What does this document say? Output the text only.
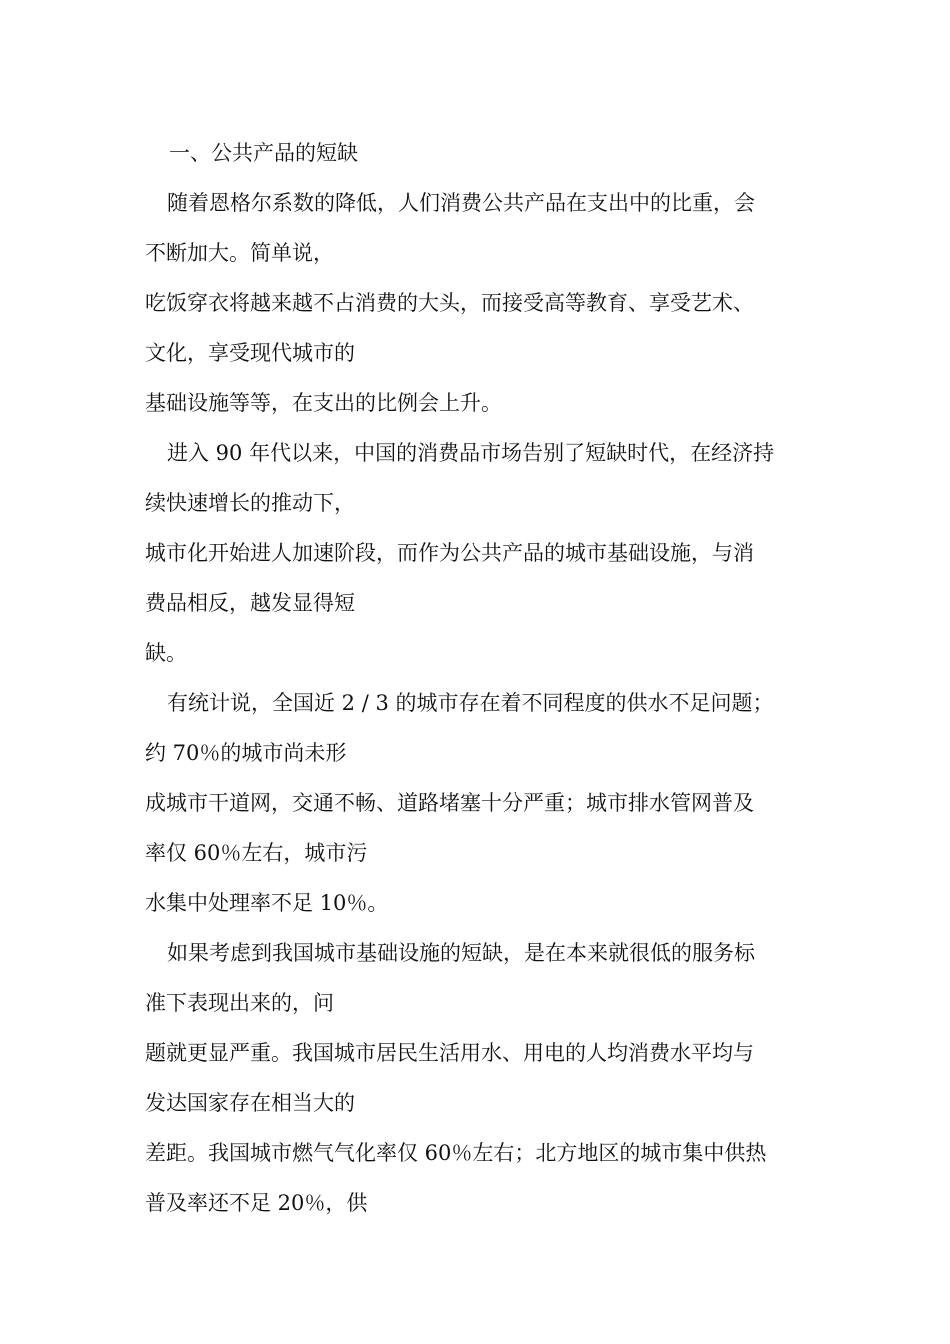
一、公共产品的短缺
随着恩格尔系数的降低，人们消费公共产品在支出中的比重，会
不断加大。简单说，
吃饭穿衣将越来越不占消费的大头，而接受高等教育、享受艺术、
文化，享受现代城市的
基础设施等等，在支出的比例会上升。
进入 90 年代以来，中国的消费品市场告别了短缺时代，在经济持
续快速增长的推动下，
城市化开始进人加速阶段，而作为公共产品的城市基础设施，与消
费品相反，越发显得短
缺。
有统计说，全国近 2 / 3 的城市存在着不同程度的供水不足问题；
约 70％的城市尚未形
成城市干道网，交通不畅、道路堵塞十分严重；城市排水管网普及
率仅 60％左右，城市污
水集中处理率不足 10％。
如果考虑到我国城市基础设施的短缺，是在本来就很低的服务标
准下表现出来的，问
题就更显严重。我国城市居民生活用水、用电的人均消费水平均与
发达国家存在相当大的
差距。我国城市燃气气化率仅 60％左右；北方地区的城市集中供热
普及率还不足 20％，供
